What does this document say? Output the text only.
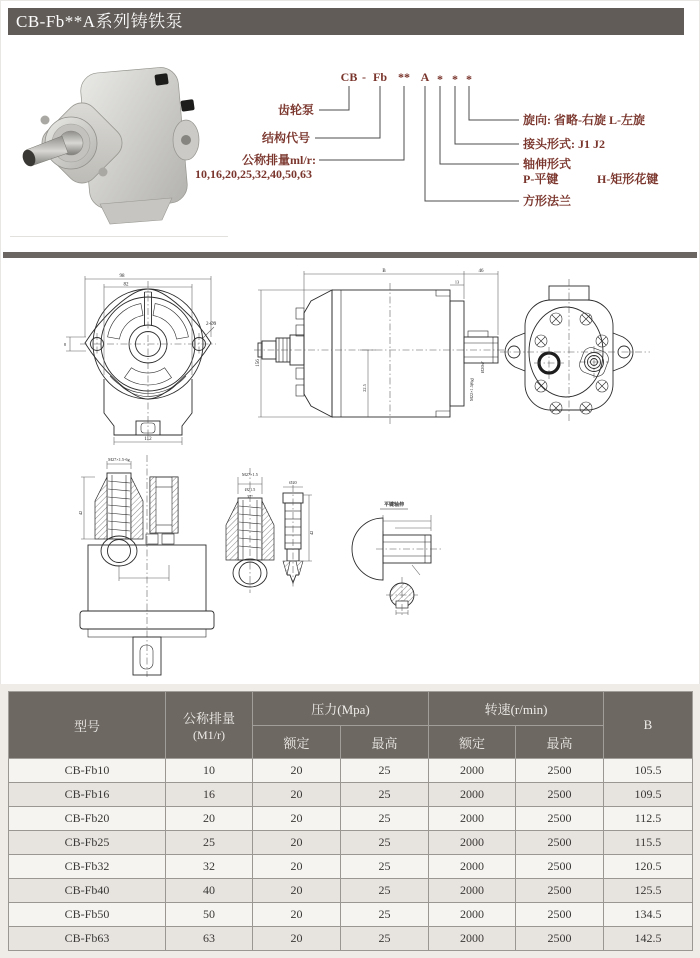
CB-Fb**A系列铸铁泵
CB - Fb ** A * * *
齿轮泵
结构代号
公称排量ml/r:
10,16,20,25,32,40,50,63
旋向: 省略-右旋 L-左旋
接头形式: J1 J2
轴伸形式
P-平键	H-矩形花键
方形法兰
98
82
112
8
2-Ø9
B	46
13
156
22.5	M22×1.5(6g)
Ø20h7
M27×1.5-6g
42
M27×1.5
Ø21.5
37°
Ø20
42
平键轴伸
型号	公称排量
(M1/r)	压力(Mpa)		转速(r/min)		B
		额定	最高	额定	最高	
CB-Fb10	10	20	25	2000	2500	105.5
CB-Fb16	16	20	25	2000	2500	109.5
CB-Fb20	20	20	25	2000	2500	112.5
CB-Fb25	25	20	25	2000	2500	115.5
CB-Fb32	32	20	25	2000	2500	120.5
CB-Fb40	40	20	25	2000	2500	125.5
CB-Fb50	50	20	25	2000	2500	134.5
CB-Fb63	63	20	25	2000	2500	142.5
